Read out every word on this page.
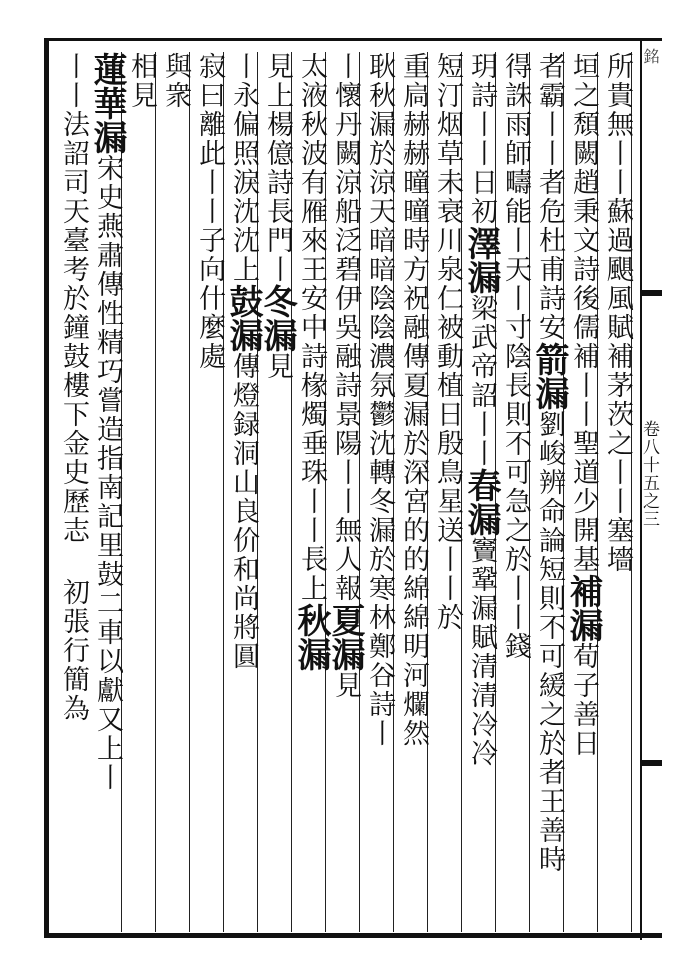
銘
卷八十五之三
所貴無丨丨蘇過颶風賦補茅茨之丨丨塞墻
垣之頹闕趙秉文詩後儒補丨丨聖道少開基補漏荀子善日
者霸丨丨者危杜甫詩安箭漏劉峻辨命論短則不可緩之於者王善時
得誅雨師疇能丨天丨寸陰長則不可急之於丨丨錢
玥詩丨丨日初澤漏梁武帝詔丨丨春漏竇鞏漏賦清清冷冷
短汀烟草未衰川泉仁被動植日殷鳥星送丨丨於
重扃赫赫曈曈時方祝融傳夏漏於深宮的的綿綿明河爛然
耿秋漏於涼天暗暗陰陰濃氛鬱沈轉冬漏於寒林鄭谷詩丨
丨懷丹闕涼船泛碧伊吳融詩景陽丨丨無人報夏漏見
太液秋波有雁來王安中詩椽燭垂珠丨丨長上秋漏
見上楊億詩長門丨冬漏見
丨永偏照淚沈沈上鼓漏傳燈録洞山良价和尚將圓
寂曰離此丨丨子向什麼處
與衆
相見
蓮華漏宋史燕肅傳性精巧嘗造指南記里鼓二車以獻又上丨
丨丨法詔司天臺考於鐘鼓樓下金史歷志 初張行簡為
